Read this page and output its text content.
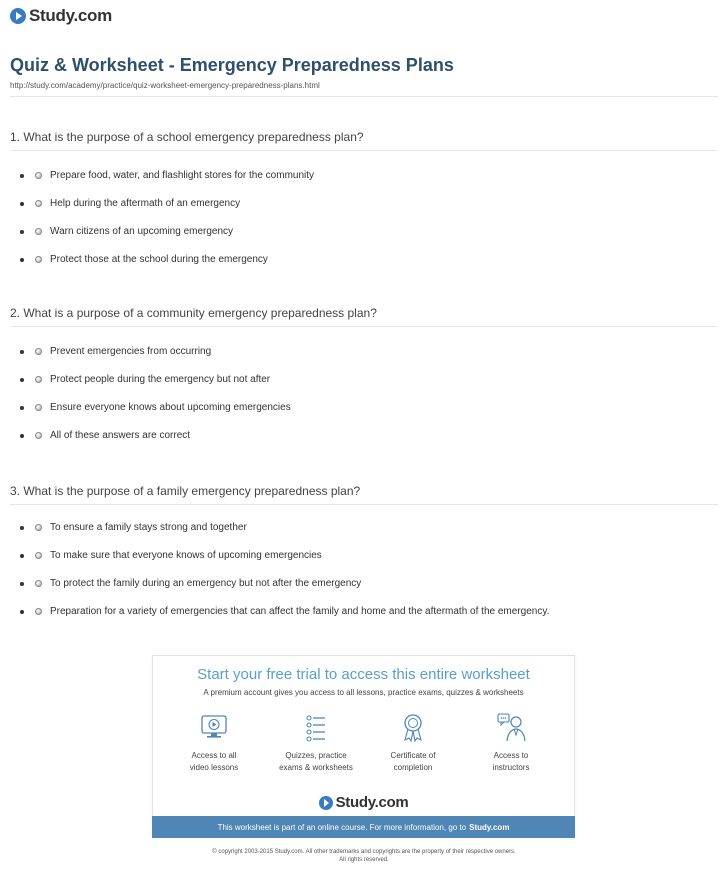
Study.com
Quiz & Worksheet - Emergency Preparedness Plans
http://study.com/academy/practice/quiz-worksheet-emergency-preparedness-plans.html
1. What is the purpose of a school emergency preparedness plan?
Prepare food, water, and flashlight stores for the community
Help during the aftermath of an emergency
Warn citizens of an upcoming emergency
Protect those at the school during the emergency
2. What is a purpose of a community emergency preparedness plan?
Prevent emergencies from occurring
Protect people during the emergency but not after
Ensure everyone knows about upcoming emergencies
All of these answers are correct
3. What is the purpose of a family emergency preparedness plan?
To ensure a family stays strong and together
To make sure that everyone knows of upcoming emergencies
To protect the family during an emergency but not after the emergency
Preparation for a variety of emergencies that can affect the family and home and the aftermath of the emergency.
Start your free trial to access this entire worksheet
A premium account gives you access to all lessons, practice exams, quizzes & worksheets
Access to all
video lessons
Quizzes, practice
exams & worksheets
Certificate of
completion
Access to
instructors
Study.com
This worksheet is part of an online course. For more information, go to Study.com
© copyright 2003-2015 Study.com. All other trademarks and copyrights are the property of their respective owners.
All rights reserved.
